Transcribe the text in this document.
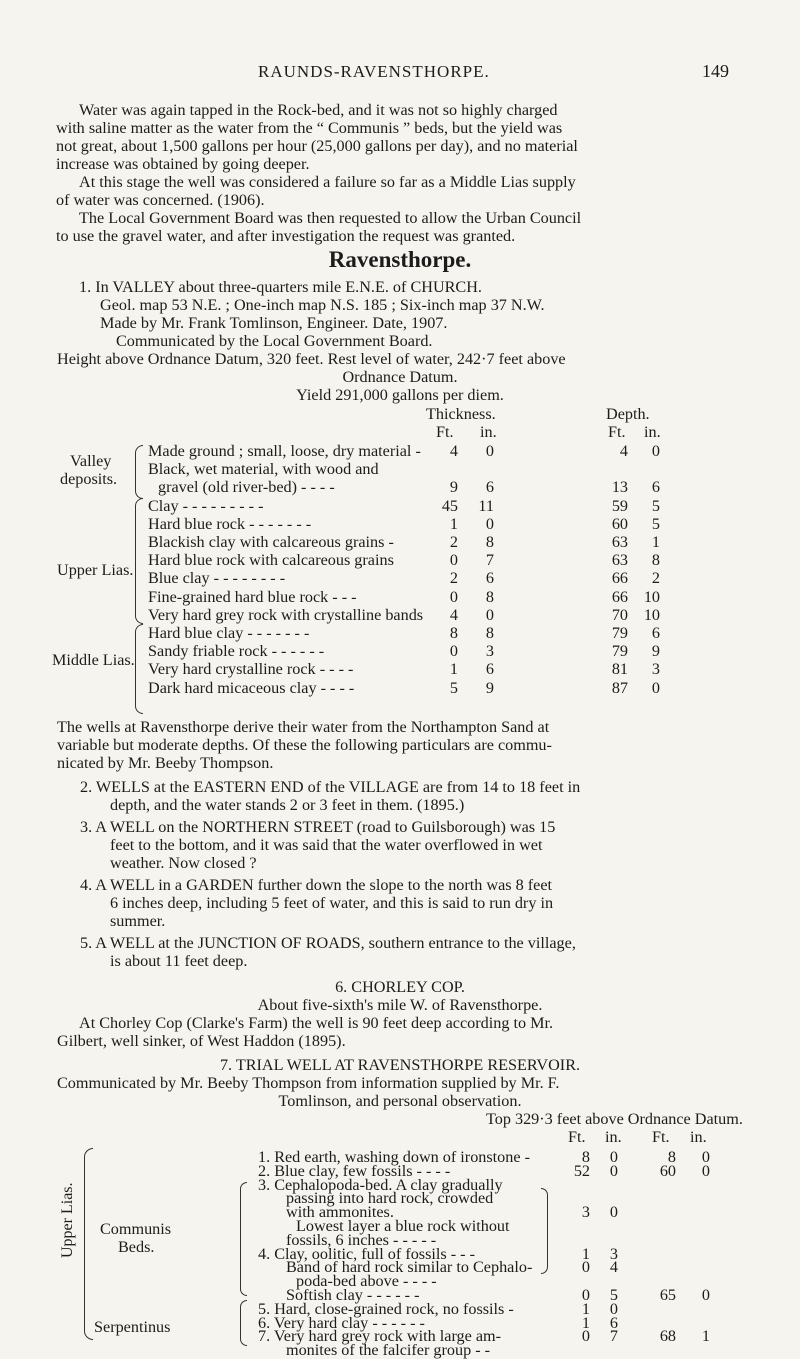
RAUNDS-RAVENSTHORPE.	149
Water was again tapped in the Rock-bed, and it was not so highly charged
with saline matter as the water from the “ Communis ” beds, but the yield was
not great, about 1,500 gallons per hour (25,000 gallons per day), and no material
increase was obtained by going deeper.
At this stage the well was considered a failure so far as a Middle Lias supply
of water was concerned. (1906).
The Local Government Board was then requested to allow the Urban Council
to use the gravel water, and after investigation the request was granted.
Ravensthorpe.
1. In VALLEY about three-quarters mile E.N.E. of CHURCH.
Geol. map 53 N.E. ; One-inch map N.S. 185 ; Six-inch map 37 N.W.
Made by Mr. Frank Tomlinson, Engineer. Date, 1907.
Communicated by the Local Government Board.
Height above Ordnance Datum, 320 feet. Rest level of water, 242·7 feet above
Ordnance Datum.
Yield 291,000 gallons per diem.
Thickness.	Depth.
Ft. in.	Ft. in.
Valley
deposits.
Upper Lias.
Middle Lias.
Made ground ; small, loose, dry material -	4	0	4	0
Black, wet material, with wood and
gravel (old river-bed) - - - -	9	6	13	6
Clay - - - - - - - - -	45	11	59	5
Hard blue rock - - - - - - -	1	0	60	5
Blackish clay with calcareous grains -	2	8	63	1
Hard blue rock with calcareous grains	0	7	63	8
Blue clay - - - - - - - -	2	6	66	2
Fine-grained hard blue rock - - -	0	8	66 10
Very hard grey rock with crystalline bands	4	0	70 10
Hard blue clay - - - - - - -	8	8	79	6
Sandy friable rock - - - - - -	0	3	79	9
Very hard crystalline rock - - - -	1	6	81	3
Dark hard micaceous clay - - - -	5	9	87	0
The wells at Ravensthorpe derive their water from the Northampton Sand at
variable but moderate depths. Of these the following particulars are commu-
nicated by Mr. Beeby Thompson.
2. WELLS at the EASTERN END of the VILLAGE are from 14 to 18 feet in
depth, and the water stands 2 or 3 feet in them. (1895.)
3. A WELL on the NORTHERN STREET (road to Guilsborough) was 15
feet to the bottom, and it was said that the water overflowed in wet
weather. Now closed ?
4. A WELL in a GARDEN further down the slope to the north was 8 feet
6 inches deep, including 5 feet of water, and this is said to run dry in
summer.
5. A WELL at the JUNCTION OF ROADS, southern entrance to the village,
is about 11 feet deep.
6. CHORLEY COP.
About five-sixth's mile W. of Ravensthorpe.
At Chorley Cop (Clarke's Farm) the well is 90 feet deep according to Mr.
Gilbert, well sinker, of West Haddon (1895).
7. TRIAL WELL AT RAVENSTHORPE RESERVOIR.
Communicated by Mr. Beeby Thompson from information supplied by Mr. F.
Tomlinson, and personal observation.
Top 329·3 feet above Ordnance Datum.
Ft. in. Ft. in.
Upper Lias. Communis
Beds.
Serpentinus
1. Red earth, washing down of ironstone -	8	0	8	0
2. Blue clay, few fossils - - - -	52	0	60	0
3. Cephalopoda-bed. A clay gradually
passing into hard rock, crowded
with ammonites.	3	0
Lowest layer a blue rock without
fossils, 6 inches - - - - -
4. Clay, oolitic, full of fossils - - -	1	3
Band of hard rock similar to Cephalo-	0	4
poda-bed above - - - -
Softish clay - - - - - -	0	5	65	0
5. Hard, close-grained rock, no fossils -	1	0
6. Very hard clay - - - - - -	1	6
7. Very hard grey rock with large am-	0	7	68	1
monites of the falcifer group - -
